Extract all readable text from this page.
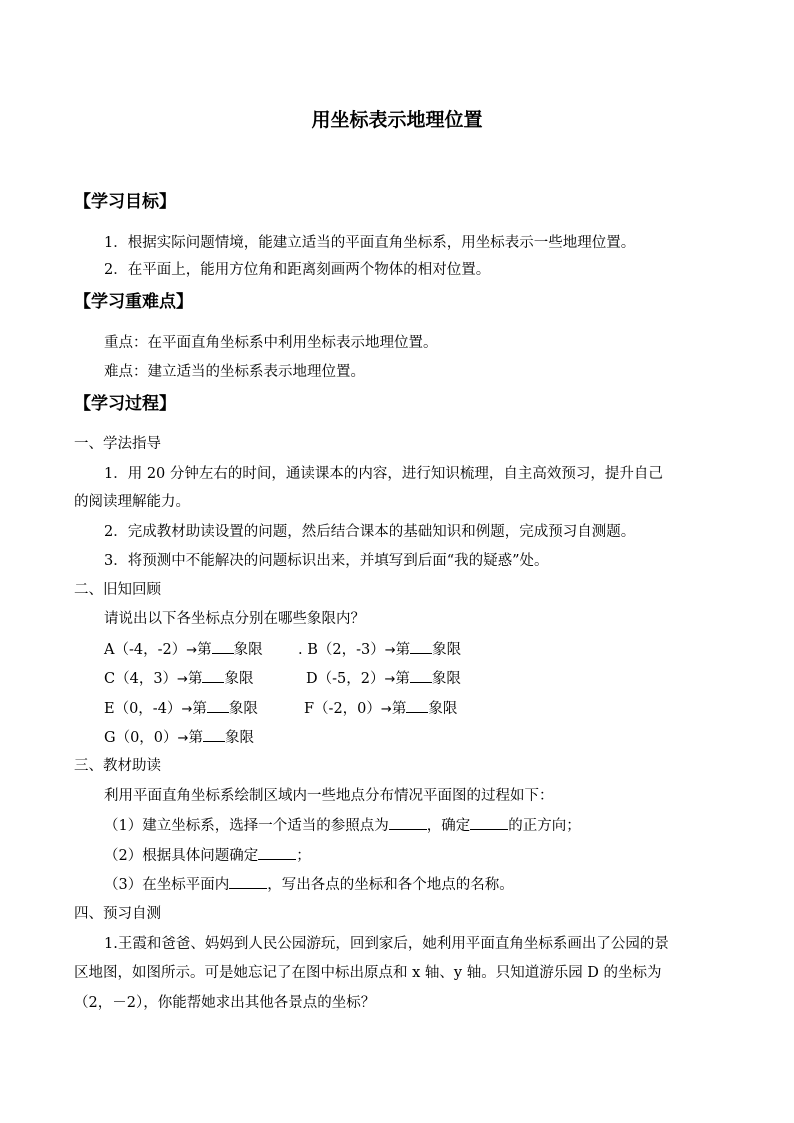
用坐标表示地理位置
【学习目标】
1．根据实际问题情境，能建立适当的平面直角坐标系，用坐标表示一些地理位置。
2．在平面上，能用方位角和距离刻画两个物体的相对位置。
【学习重难点】
重点：在平面直角坐标系中利用坐标表示地理位置。
难点：建立适当的坐标系表示地理位置。
【学习过程】
一、学法指导
1．用 20 分钟左右的时间，通读课本的内容，进行知识梳理，自主高效预习，提升自己
的阅读理解能力。
2．完成教材助读设置的问题，然后结合课本的基础知识和例题，完成预习自测题。
3．将预测中不能解决的问题标识出来，并填写到后面“我的疑惑”处。
二、旧知回顾
请说出以下各坐标点分别在哪些象限内？
A（-4，-2）→第 象限 . B（2，-3）→第 象限
C（4，3）→第 象限	D（-5，2）→第 象限
E（0，-4）→第 象限	F（-2，0）→第 象限
G（0，0）→第 象限
三、教材助读
利用平面直角坐标系绘制区域内一些地点分布情况平面图的过程如下：
（1）建立坐标系，选择一个适当的参照点为	，确定	的正方向；
（2）根据具体问题确定	；
（3）在坐标平面内	，写出各点的坐标和各个地点的名称。
四、预习自测
1.王霞和爸爸、妈妈到人民公园游玩，回到家后，她利用平面直角坐标系画出了公园的景
区地图，如图所示。可是她忘记了在图中标出原点和 x 轴、y 轴。只知道游乐园 D 的坐标为
（2，－2），你能帮她求出其他各景点的坐标？
